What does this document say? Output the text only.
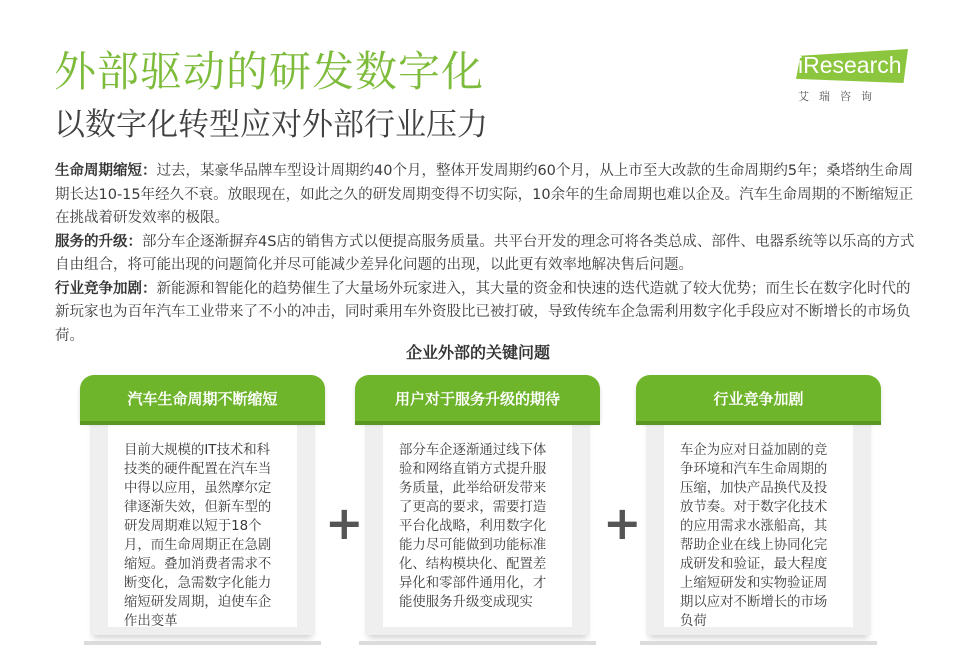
外部驱动的研发数字化
以数字化转型应对外部行业压力
iResearch
艾瑞咨询

生命周期缩短：过去，某豪华品牌车型设计周期约40个月，整体开发周期约60个月，从上市至大改款的生命周期约5年；桑塔纳生命周期长达10-15年经久不衰。放眼现在，如此之久的研发周期变得不切实际，10余年的生命周期也难以企及。汽车生命周期的不断缩短正在挑战着研发效率的极限。

服务的升级：部分车企逐渐摒弃4S店的销售方式以便提高服务质量。共平台开发的理念可将各类总成、部件、电器系统等以乐高的方式自由组合，将可能出现的问题简化并尽可能减少差异化问题的出现，以此更有效率地解决售后问题。

行业竞争加剧：新能源和智能化的趋势催生了大量场外玩家进入，其大量的资金和快速的迭代造就了较大优势；而生长在数字化时代的新玩家也为百年汽车工业带来了不小的冲击，同时乘用车外资股比已被打破，导致传统车企急需利用数字化手段应对不断增长的市场负荷。

企业外部的关键问题
目前大规模的IT技术和科技类的硬件配置在汽车当中得以应用，虽然摩尔定律逐渐失效，但新车型的研发周期难以短于18个月，而生命周期正在急剧缩短。叠加消费者需求不断变化，急需数字化能力缩短研发周期，迫使车企作出变革
汽车生命周期不断缩短
+
部分车企逐渐通过线下体验和网络直销方式提升服务质量，此举给研发带来了更高的要求，需要打造平台化战略，利用数字化能力尽可能做到功能标准化、结构模块化、配置差异化和零部件通用化，才能使服务升级变成现实
用户对于服务升级的期待
+
车企为应对日益加剧的竞争环境和汽车生命周期的压缩，加快产品换代及投放节奏。对于数字化技术的应用需求水涨船高，其帮助企业在线上协同化完成研发和验证，最大程度上缩短研发和实物验证周期以应对不断增长的市场负荷
行业竞争加剧
